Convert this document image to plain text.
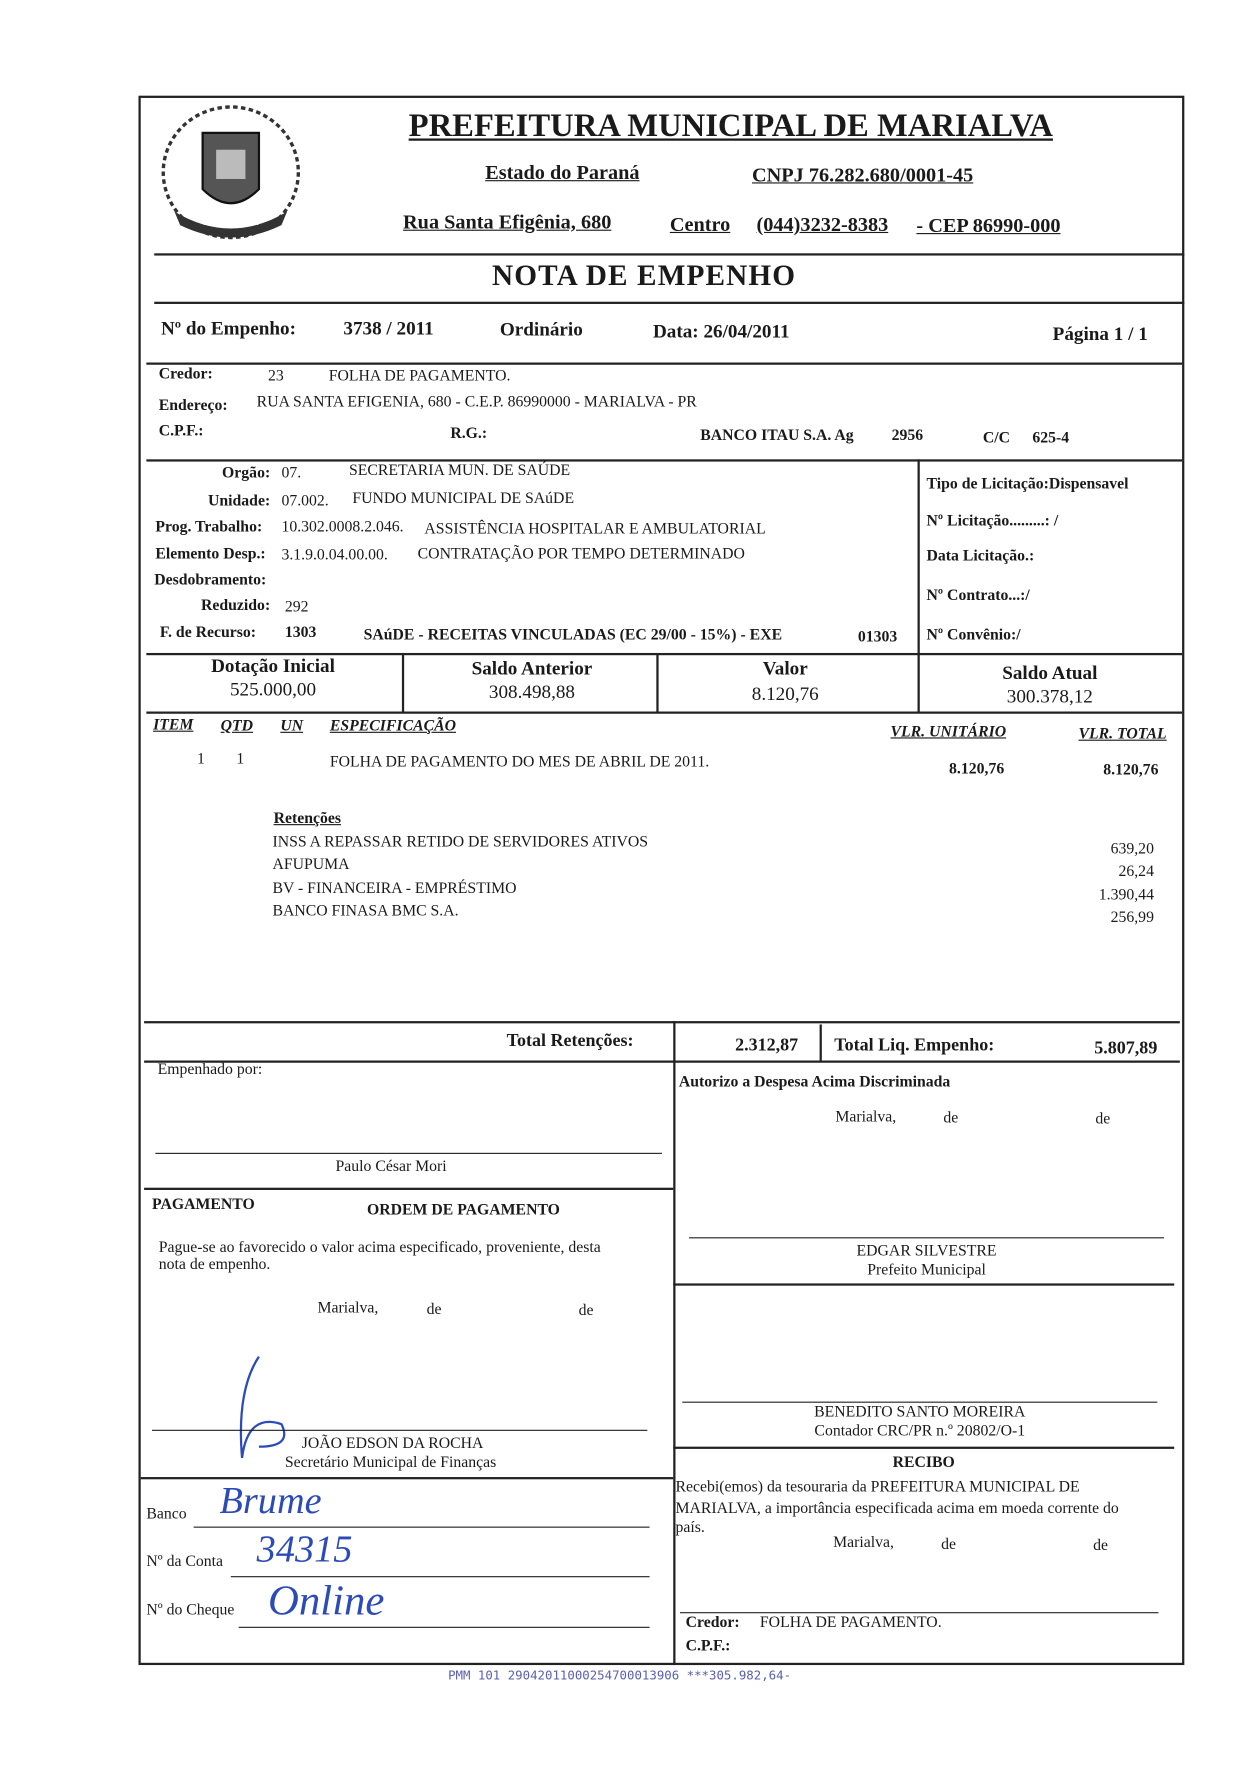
MARIALVA
PREFEITURA MUNICIPAL DE MARIALVA
Estado do Paraná	CNPJ 76.282.680/0001-45
Rua Santa Efigênia, 680	Centro (044)3232-8383 - CEP 86990-000
NOTA DE EMPENHO
Nº do Empenho:	3738 / 2011	Ordinário	Data: 26/04/2011	Página 1 / 1
Credor:	23	FOLHA DE PAGAMENTO.
Endereço: RUA SANTA EFIGENIA, 680 - C.E.P. 86990000 - MARIALVA - PR
C.P.F.:	R.G.:	BANCO ITAU S.A. Ag	2956	C/C 625-4
Orgão: 07.	SECRETARIA MUN. DE SAÚDE
Unidade: 07.002. FUNDO MUNICIPAL DE SAúDE
Prog. Trabalho: 10.302.0008.2.046. ASSISTÊNCIA HOSPITALAR E AMBULATORIAL
Elemento Desp.: 3.1.9.0.04.00.00. CONTRATAÇÃO POR TEMPO DETERMINADO
Desdobramento:
Reduzido: 292
F. de Recurso: 1303	SAúDE - RECEITAS VINCULADAS (EC 29/00 - 15%) - EXE	01303
Tipo de Licitação:Dispensavel
Nº Licitação.........: /
Data Licitação.:
Nº Contrato...:/
Nº Convênio:/
Dotação Inicial
525.000,00
Saldo Anterior
308.498,88
Valor
8.120,76
Saldo Atual
300.378,12
ITEM QTD UN ESPECIFICAÇÃO	VLR. UNITÁRIO	VLR. TOTAL
1 1	FOLHA DE PAGAMENTO DO MES DE ABRIL DE 2011.	8.120,76	8.120,76
Retenções
INSS A REPASSAR RETIDO DE SERVIDORES ATIVOS	639,20
AFUPUMA	26,24
BV - FINANCEIRA - EMPRÉSTIMO	1.390,44
BANCO FINASA BMC S.A.	256,99
Total Retenções:	2.312,87 Total Liq. Empenho:	5.807,89
Empenhado por:
Paulo César Mori
PAGAMENTO	ORDEM DE PAGAMENTO
Pague-se ao favorecido o valor acima especificado, proveniente, desta
nota de empenho.
Marialva,	de	de
JOÃO EDSON DA ROCHA
Secretário Municipal de Finanças
Banco Brume
Nº da Conta 34315
Nº do Cheque Online
Autorizo a Despesa Acima Discriminada
Marialva,	de	de
EDGAR SILVESTRE
Prefeito Municipal
BENEDITO SANTO MOREIRA
Contador CRC/PR n.º 20802/O-1
RECIBO
Recebi(emos) da tesouraria da PREFEITURA MUNICIPAL DE
MARIALVA, a importância especificada acima em moeda corrente do
país.
Marialva,	de	de
Credor: FOLHA DE PAGAMENTO.
C.P.F.:
PMM 101 29042011000254700013906 ***305.982,64-
